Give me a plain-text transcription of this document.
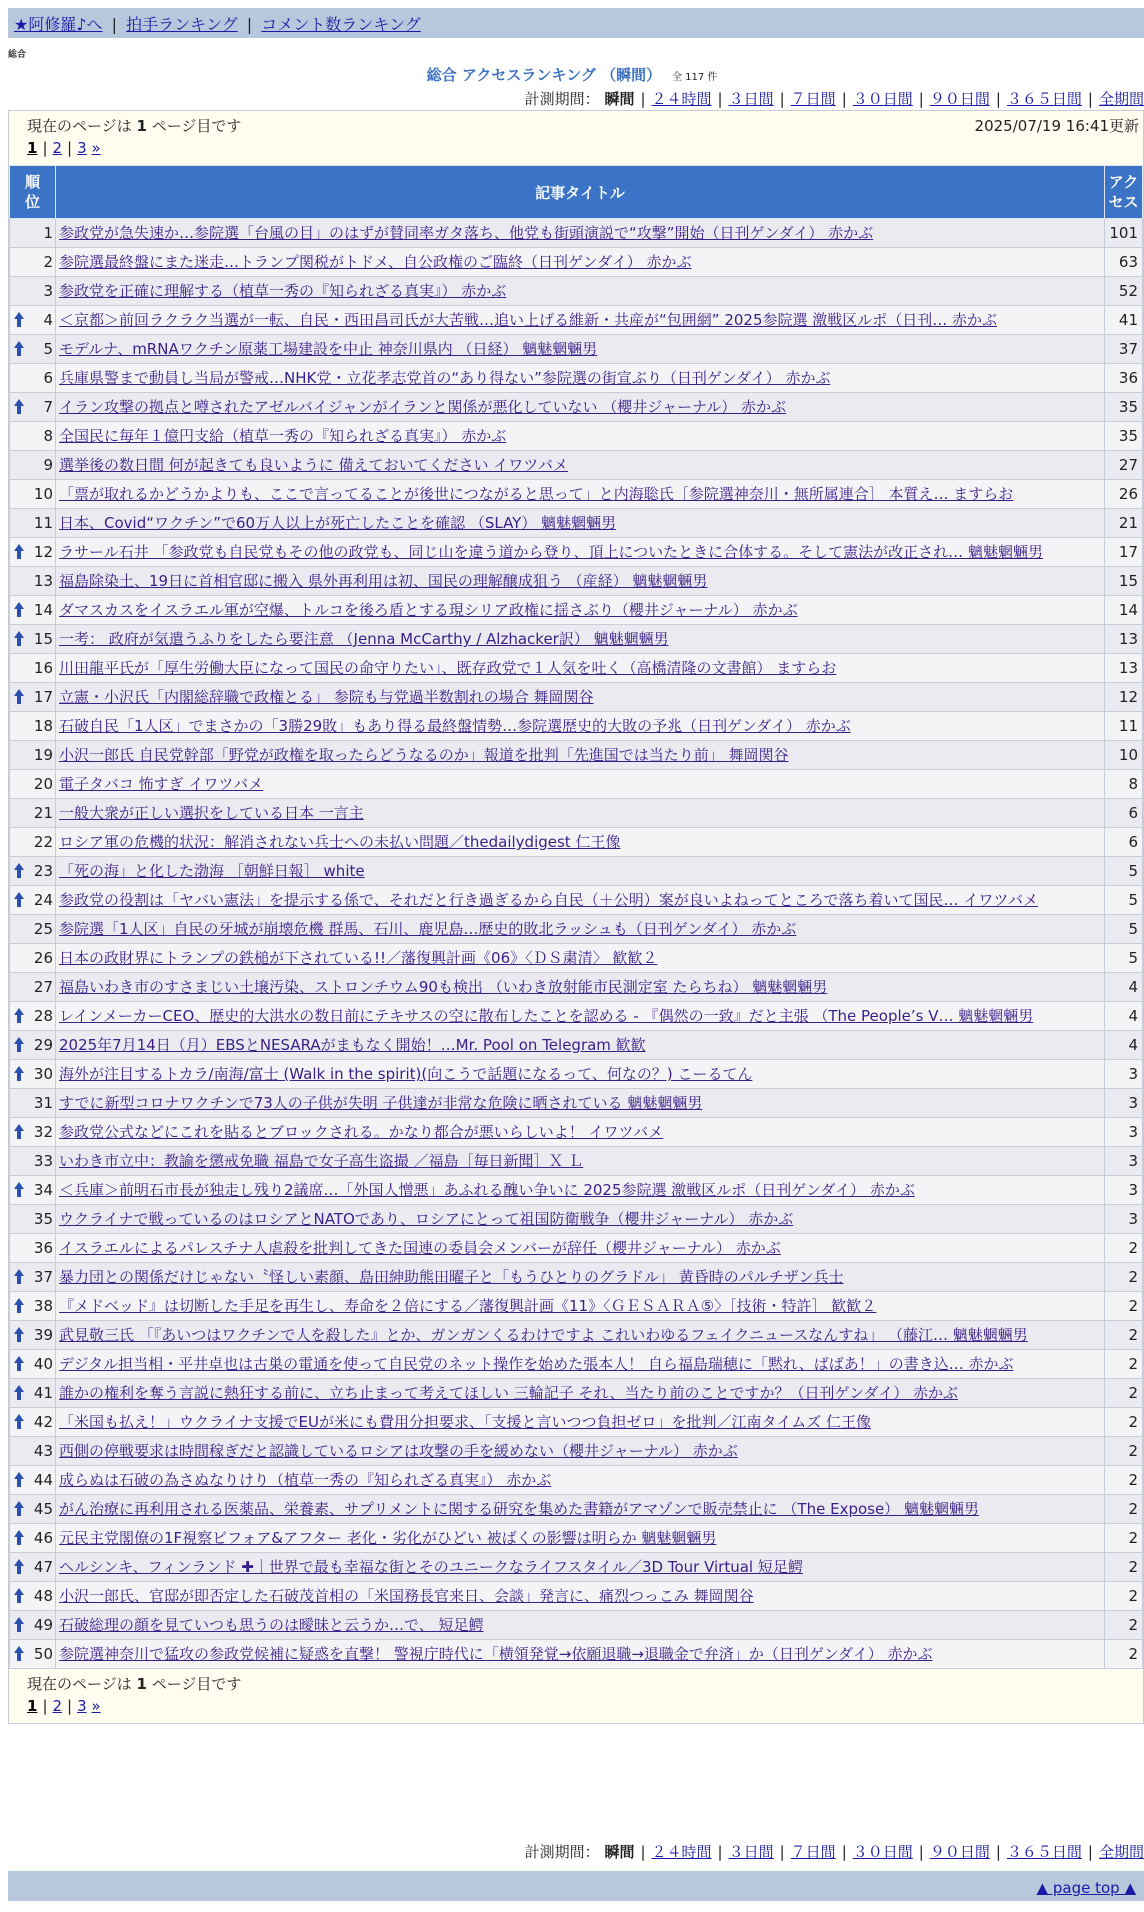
★阿修羅♪へ | 拍手ランキング | コメント数ランキング
総合
総合 アクセスランキング （瞬間） 全 117 件
計測期間： 瞬間 | ２４時間 | ３日間 | ７日間 | ３０日間 | ９０日間 | ３６５日間 | 全期間
現在のページは 1 ページ目です	2025/07/19 16:41更新
1 | 2 | 3 »
順
位	記事タイトル	アク
セス
1	参政党が急失速か…参院選「台風の目」のはずが賛同率ガタ落ち、他党も街頭演説で“攻撃”開始（日刊ゲンダイ） 赤かぶ	101
2	参院選最終盤にまた迷走…トランプ関税がトドメ、自公政権のご臨終（日刊ゲンダイ） 赤かぶ	63
3	参政党を正確に理解する（植草一秀の『知られざる真実』） 赤かぶ	52

4	＜京都＞前回ラクラク当選が一転、自民・西田昌司氏が大苦戦…追い上げる維新・共産が“包囲網” 2025参院選 激戦区ルポ（日刊… 赤かぶ	41

5	モデルナ、mRNAワクチン原薬工場建設を中止 神奈川県内 （日経） 魑魅魍魎男	37
6	兵庫県警まで動員し当局が警戒…NHK党・立花孝志党首の“あり得ない”参院選の街宣ぶり（日刊ゲンダイ） 赤かぶ	36

7	イラン攻撃の拠点と噂されたアゼルバイジャンがイランと関係が悪化していない （櫻井ジャーナル） 赤かぶ	35
8	全国民に毎年１億円支給（植草一秀の『知られざる真実』） 赤かぶ	35
9	選挙後の数日間 何が起きても良いように 備えておいてください イワツバメ	27
10	「票が取れるかどうかよりも、ここで言ってることが後世につながると思って」と内海聡氏［参院選神奈川・無所属連合］ 本質え… ますらお	26
11	日本、Covid“ワクチン”で60万人以上が死亡したことを確認 （SLAY） 魑魅魍魎男	21

12	ラサール石井 「参政党も自民党もその他の政党も、同じ山を違う道から登り、頂上についたときに合体する。そして憲法が改正され… 魑魅魍魎男	17
13	福島除染土、19日に首相官邸に搬入 県外再利用は初、国民の理解醸成狙う （産経） 魑魅魍魎男	15

14	ダマスカスをイスラエル軍が空爆、トルコを後ろ盾とする現シリア政権に揺さぶり（櫻井ジャーナル） 赤かぶ	14

15	一考： 政府が気遣うふりをしたら要注意 （Jenna McCarthy / Alzhacker訳） 魑魅魍魎男	13
16	川田龍平氏が「厚生労働大臣になって国民の命守りたい」、既存政党で１人気を吐く（高橋清隆の文書館） ますらお	13

17	立憲・小沢氏「内閣総辞職で政権とる」 参院も与党過半数割れの場合 舞岡関谷	12
18	石破自民「1人区」でまさかの「3勝29敗」もあり得る最終盤情勢…参院選歴史的大敗の予兆（日刊ゲンダイ） 赤かぶ	11
19	小沢一郎氏 自民党幹部「野党が政権を取ったらどうなるのか」報道を批判「先進国では当たり前」 舞岡関谷	10
20	電子タバコ 怖すぎ イワツバメ	8
21	一般大衆が正しい選択をしている日本 一言主	6
22	ロシア軍の危機的状況：解消されない兵士への未払い問題／thedailydigest 仁王像	6

23	「死の海」と化した渤海 ［朝鮮日報］ white	5

24	参政党の役割は「ヤバい憲法」を提示する係で、それだと行き過ぎるから自民（＋公明）案が良いよねってところで落ち着いて国民… イワツバメ	5
25	参院選「1人区」自民の牙城が崩壊危機 群馬、石川、鹿児島…歴史的敗北ラッシュも（日刊ゲンダイ） 赤かぶ	5
26	日本の政財界にトランプの鉄槌が下されている!!／藩復興計画《06》〈ＤＳ粛清〉 歓歓２	5
27	福島いわき市のすさまじい土壌汚染、ストロンチウム90も検出 （いわき放射能市民測定室 たらちね） 魑魅魍魎男	4

28	レインメーカーCEO、歴史的大洪水の数日前にテキサスの空に散布したことを認める - 『偶然の一致』だと主張 （The People’s V… 魑魅魍魎男	4

29	2025年7月14日（月）EBSとNESARAがまもなく開始！…Mr. Pool on Telegram 歓歓	4

30	海外が注目するトカラ/南海/富士 (Walk in the spirit)(向こうで話題になるって、何なの？) こーるてん	3
31	すでに新型コロナワクチンで73人の子供が失明 子供達が非常な危険に晒されている 魑魅魍魎男	3

32	参政党公式などにこれを貼るとブロックされる。かなり都合が悪いらしいよ！ イワツバメ	3
33	いわき市立中：教諭を懲戒免職 福島で女子高生盗撮 ／福島［毎日新聞］Ｘ Ｌ	3

34	＜兵庫＞前明石市長が独走し残り2議席…「外国人憎悪」あふれる醜い争いに 2025参院選 激戦区ルポ（日刊ゲンダイ） 赤かぶ	3
35	ウクライナで戦っているのはロシアとNATOであり、ロシアにとって祖国防衛戦争（櫻井ジャーナル） 赤かぶ	3
36	イスラエルによるパレスチナ人虐殺を批判してきた国連の委員会メンバーが辞任（櫻井ジャーナル） 赤かぶ	2

37	暴力団との関係だけじゃない〝怪しい素顔、島田紳助熊田曜子と「もうひとりのグラドル」 黄昏時のパルチザン兵士	2

38	『メドベッド』は切断した手足を再生し、寿命を２倍にする／藩復興計画《11》〈ＧＥＳＡＲＡ⑤〉［技術・特許］ 歓歓２	2

39	武見敬三氏 「『あいつはワクチンで人を殺した』とか、ガンガンくるわけですよ これいわゆるフェイクニュースなんすね」 （藤江… 魑魅魍魎男	2

40	デジタル担当相・平井卓也は古巣の電通を使って自民党のネット操作を始めた張本人！ 自ら福島瑞穂に「黙れ、ばばあ！」の書き込… 赤かぶ	2

41	誰かの権利を奪う言説に熱狂する前に、立ち止まって考えてほしい 三輪記子 それ、当たり前のことですか？（日刊ゲンダイ） 赤かぶ	2

42	「米国も払え！」ウクライナ支援でEUが米にも費用分担要求、「支援と言いつつ負担ゼロ」を批判／江南タイムズ 仁王像	2
43	西側の停戦要求は時間稼ぎだと認識しているロシアは攻撃の手を緩めない（櫻井ジャーナル） 赤かぶ	2

44	成らぬは石破の為さぬなりけり（植草一秀の『知られざる真実』） 赤かぶ	2

45	がん治療に再利用される医薬品、栄養素、サプリメントに関する研究を集めた書籍がアマゾンで販売禁止に （The Expose） 魑魅魍魎男	2

46	元民主党閣僚の1F視察ビフォア&アフター 老化・劣化がひどい 被ばくの影響は明らか 魑魅魍魎男	2

47	ヘルシンキ、フィンランド ✚｜世界で最も幸福な街とそのユニークなライフスタイル／3D Tour Virtual 短足鰐	2

48	小沢一郎氏、官邸が即否定した石破茂首相の「米国務長官来日、会談」発言に、痛烈つっこみ 舞岡関谷	2

49	石破総理の顔を見ていつも思うのは曖昧と云うか…で、 短足鰐	2

50	参院選神奈川で猛攻の参政党候補に疑惑を直撃！ 警視庁時代に「横領発覚→依願退職→退職金で弁済」か（日刊ゲンダイ） 赤かぶ	2
現在のページは 1 ページ目です
1 | 2 | 3 »
計測期間： 瞬間 | ２４時間 | ３日間 | ７日間 | ３０日間 | ９０日間 | ３６５日間 | 全期間
▲ page top ▲
